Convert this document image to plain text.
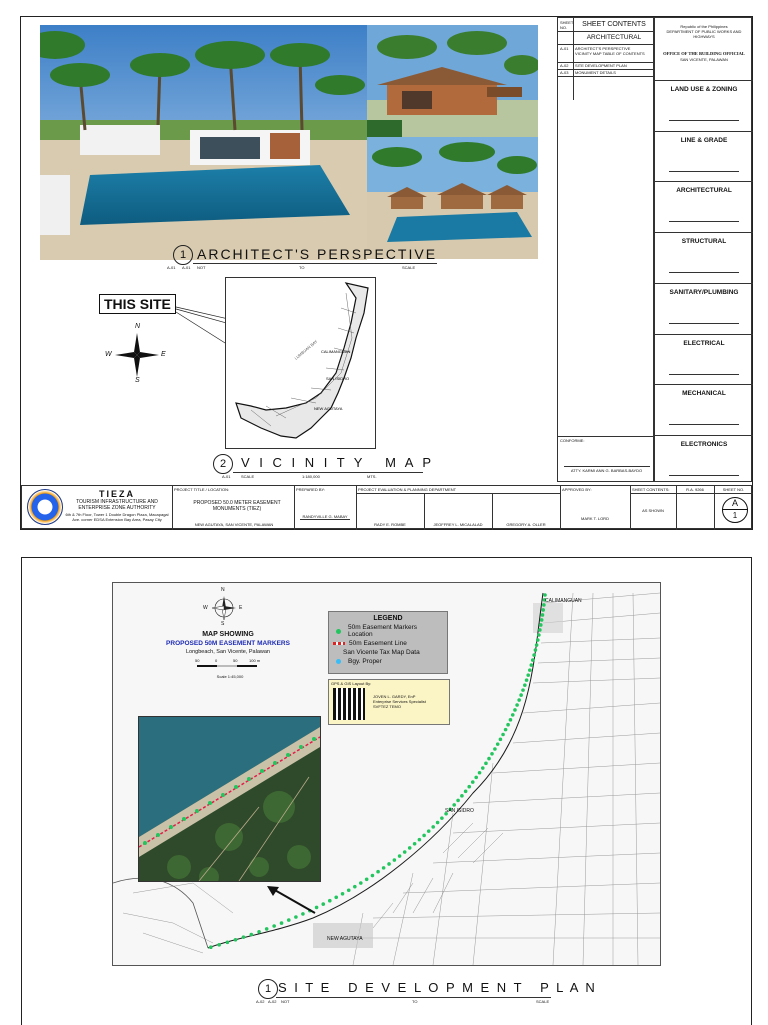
1 ARCHITECT'S PERSPECTIVE
A-01 A-01 NOT	TO	SCALE
THIS SITE
N
S
E
W	CALIMANGUAN
SAN ISIDRO
NEW AGUTAYA
LUMBUAN BAY
2	V I C I N I T Y   M A P
A-01	SCALE	1:180,000	MTS.
SHEET NO.	SHEET CONTENTS
ARCHITECTURAL
A-01 ARCHITECT'S PERSPECTIVE VICINITY MAP TABLE OF CONTENTS
A-02 SITE DEVELOPMENT PLAN
A-03 MONUMENT DETAILS
CONFORME:
ATTY. KARMI ANN G. BARBAS-BAYDO
Republic of the Philippines
DEPARTMENT OF PUBLIC WORKS AND HIGHWAYS
OFFICE OF THE BUILDING OFFICIAL
SAN VICENTE, PALAWAN
LAND USE & ZONING
LINE & GRADE
ARCHITECTURAL
STRUCTURAL
SANITARY/PLUMBING
ELECTRICAL
MECHANICAL
ELECTRONICS
TIEZA
TOURISM INFRASTRUCTURE AND ENTERPRISE ZONE AUTHORITY
6th & 7th Floor, Tower 1 Double Dragon Plaza, Macapagal Ave. corner EDSA Extension Bay Area, Pasay City
PROJECT TITLE / LOCATION:
PROPOSED 50.0 METER EASEMENT MONUMENTS (TIEZ)
NEW AGUTAYA, SAN VICENTE, PALAWAN
PREPARED BY:
RANDYVILLE G. MABAY
PROJECT EVALUATION & PLANNING DEPARTMENT
RADY E. ROMBE	JEOFFREY L. MICALALAD	GREGORY A. OLLER
APPROVED BY:
MARK T. LORD
SHEET CONTENTS:
AS SHOWN
R.A. 9266	SHEET NO.
A
1
CALIMANGUAN
SAN ISIDRO
NEW AGUTAYA
N
S
W	E
MAP SHOWING
PROPOSED 50M EASEMENT MARKERS
Longbeach, San Vicente, Palawan
50	0	50	100 m
Scale 1:45,000
LEGEND
50m Easement Markers Location
50m Easement Line
San Vicente Tax Map Data
Bgy. Proper
GPS & GIS Layout By:
JOVEN L. GARDY, EnP
Enterprise Services Specialist
SVFTEZ TEMO
1 S I T E   D E V E L O P M E N T   P L A N
A-02 A-02 NOT	TO	SCALE
